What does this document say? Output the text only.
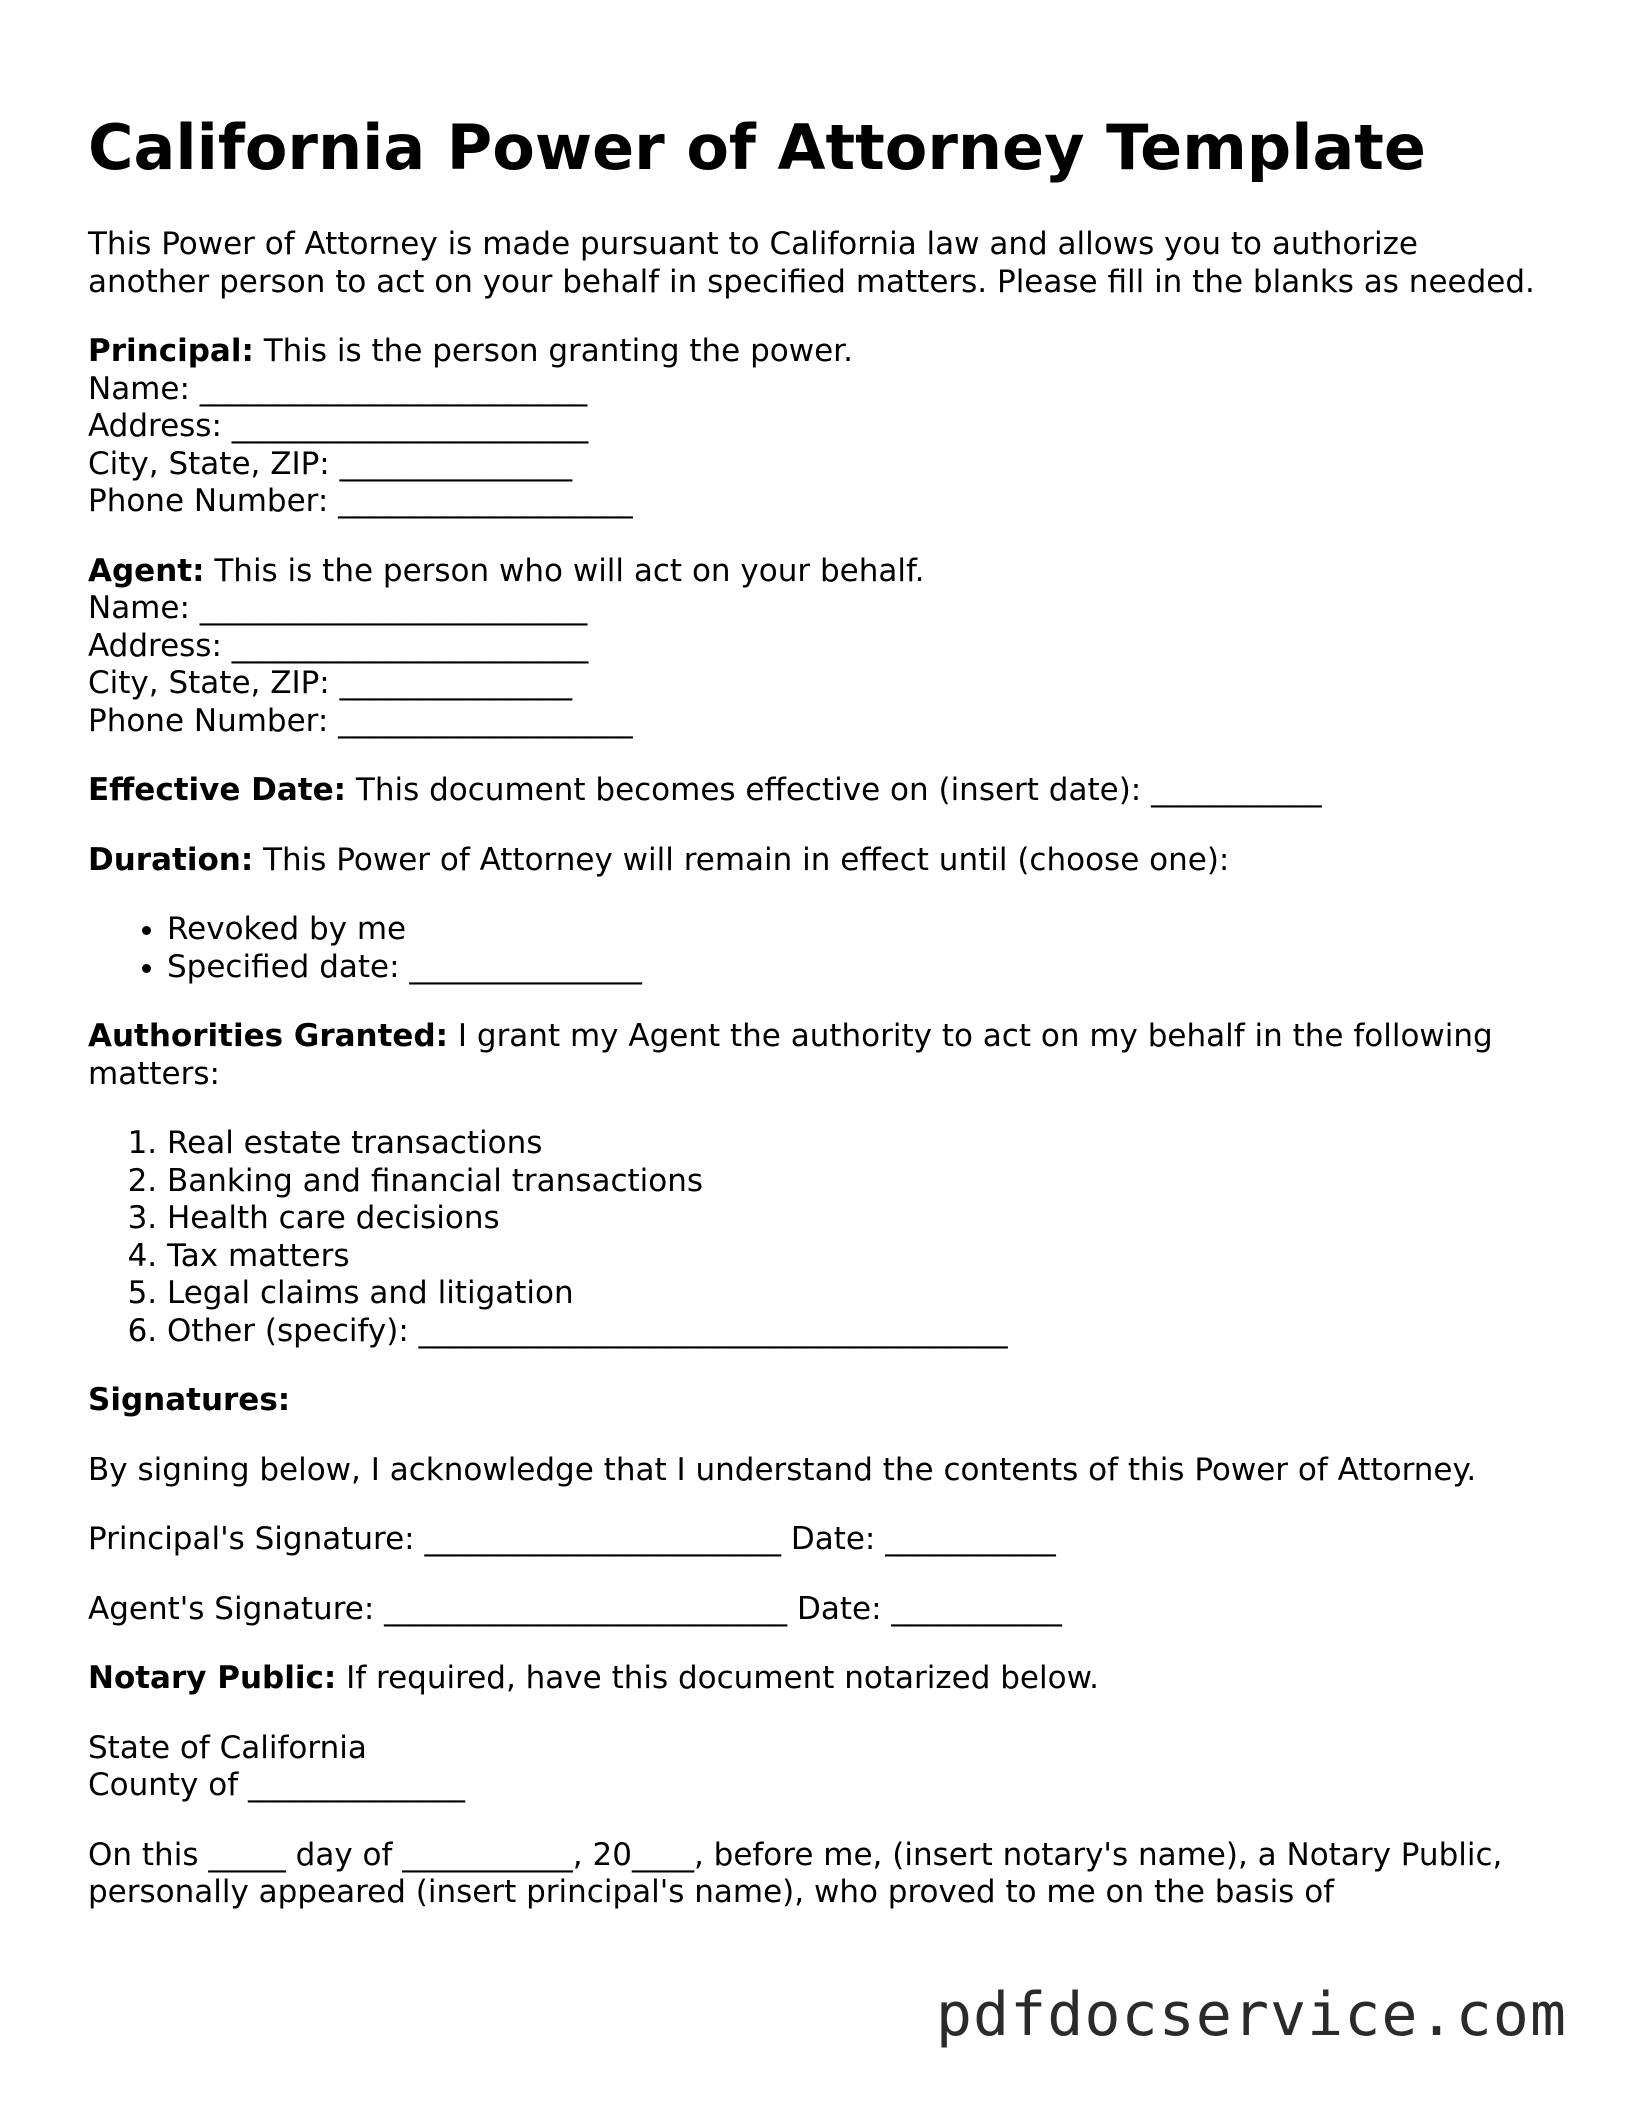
California Power of Attorney Template

This Power of Attorney is made pursuant to California law and allows you to authorize another person to act on your behalf in specified matters. Please fill in the blanks as needed.

Principal: This is the person granting the power.
Name: _________________________
Address: _______________________
City, State, ZIP: _______________
Phone Number: ___________________

Agent: This is the person who will act on your behalf.
Name: _________________________
Address: _______________________
City, State, ZIP: _______________
Phone Number: ___________________

Effective Date: This document becomes effective on (insert date): ___________

Duration: This Power of Attorney will remain in effect until (choose one):

• Revoked by me
• Specified date: _______________

Authorities Granted: I grant my Agent the authority to act on my behalf in the following matters:

1. Real estate transactions
2. Banking and financial transactions
3. Health care decisions
4. Tax matters
5. Legal claims and litigation
6. Other (specify): ______________________________________

Signatures:

By signing below, I acknowledge that I understand the contents of this Power of Attorney.

Principal's Signature: _______________________ Date: ___________

Agent's Signature: __________________________ Date: ___________

Notary Public: If required, have this document notarized below.

State of California
County of ______________

On this _____ day of ___________, 20____, before me, (insert notary's name), a Notary Public, personally appeared (insert principal's name), who proved to me on the basis of

pdfdocservice.com
